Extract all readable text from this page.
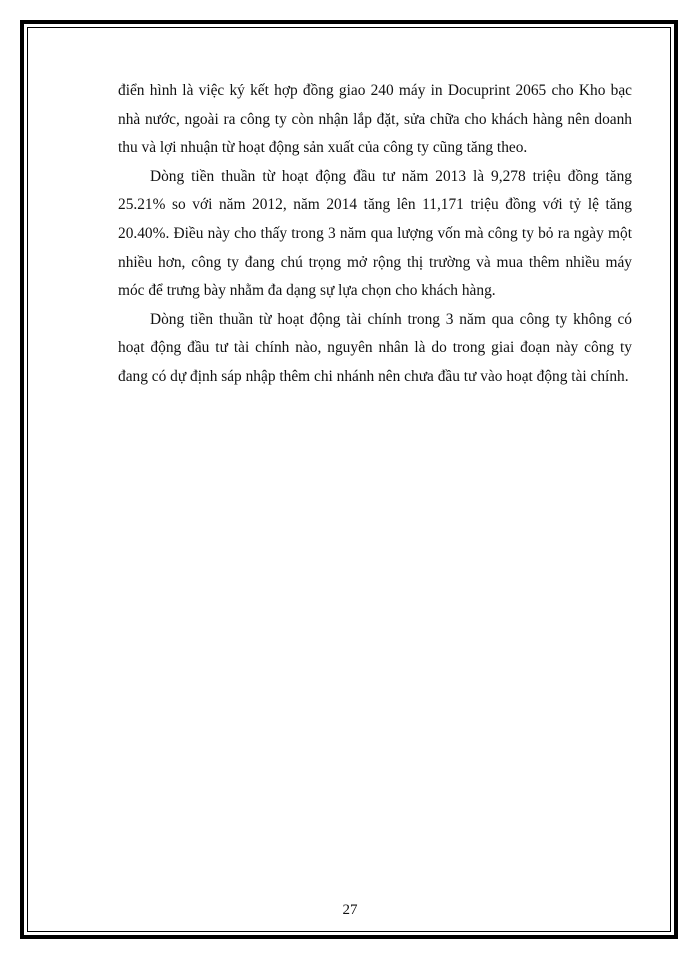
điển hình là việc ký kết hợp đồng giao 240 máy in Docuprint 2065 cho Kho bạc nhà nước, ngoài ra công ty còn nhận lắp đặt, sửa chữa cho khách hàng nên doanh thu và lợi nhuận từ hoạt động sản xuất của công ty cũng tăng theo.

Dòng tiền thuần từ hoạt động đầu tư năm 2013 là 9,278 triệu đồng tăng 25.21% so với năm 2012, năm 2014 tăng lên 11,171 triệu đồng với tỷ lệ tăng 20.40%. Điều này cho thấy trong 3 năm qua lượng vốn mà công ty bỏ ra ngày một nhiều hơn, công ty đang chú trọng mở rộng thị trường và mua thêm nhiều máy móc để trưng bày nhằm đa dạng sự lựa chọn cho khách hàng.

Dòng tiền thuần từ hoạt động tài chính trong 3 năm qua công ty không có hoạt động đầu tư tài chính nào, nguyên nhân là do trong giai đoạn này công ty đang có dự định sáp nhập thêm chi nhánh nên chưa đầu tư vào hoạt động tài chính.

27
